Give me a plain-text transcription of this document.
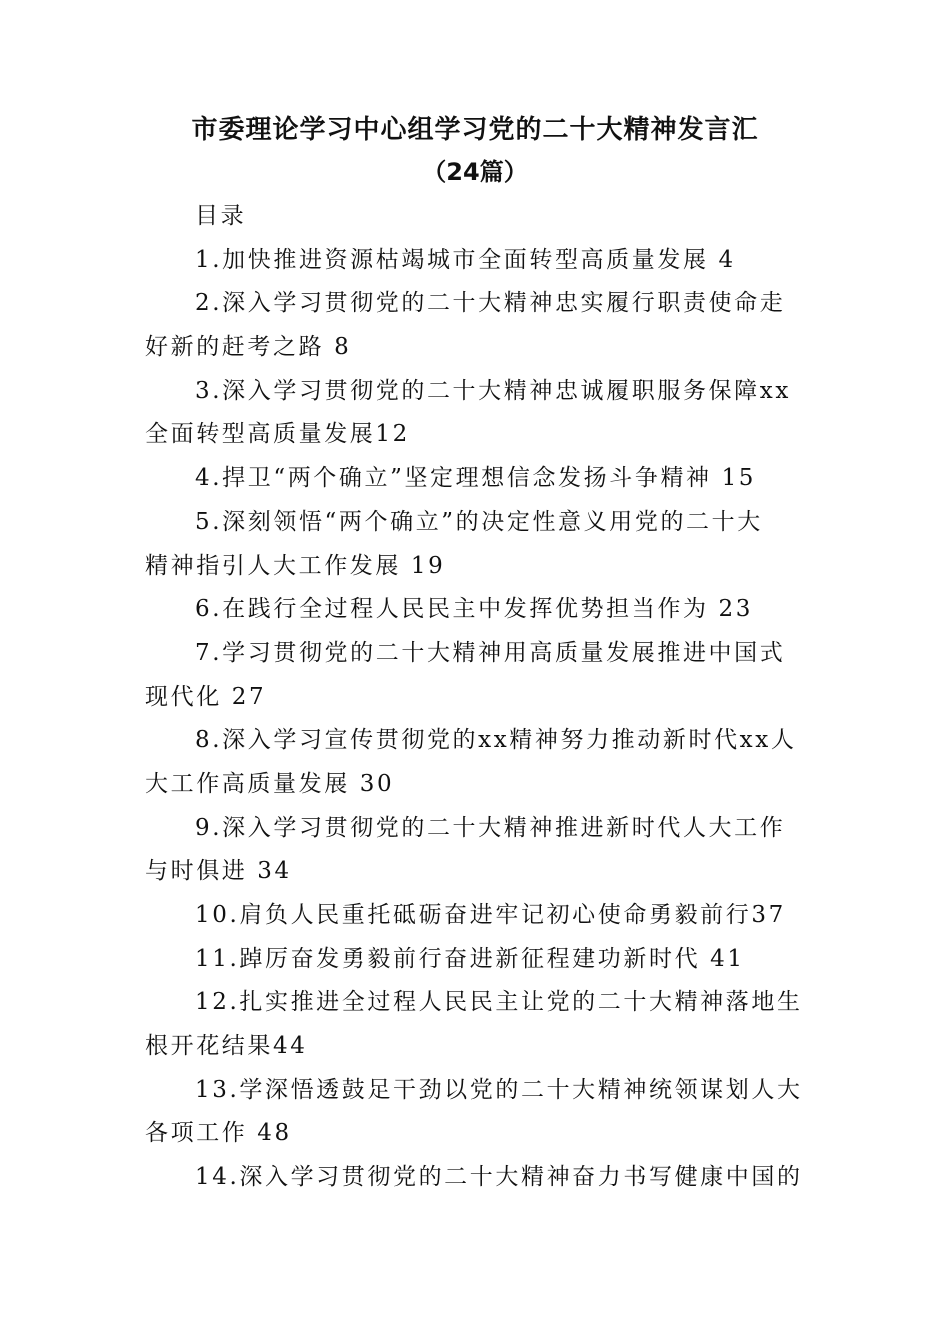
市委理论学习中心组学习党的二十大精神发言汇
（24篇）
目录
1.加快推进资源枯竭城市全面转型高质量发展 4
2.深入学习贯彻党的二十大精神忠实履行职责使命走
好新的赶考之路 8
3.深入学习贯彻党的二十大精神忠诚履职服务保障xx
全面转型高质量发展12
4.捍卫“两个确立”坚定理想信念发扬斗争精神 15
5.深刻领悟“两个确立”的决定性意义用党的二十大
精神指引人大工作发展 19
6.在践行全过程人民民主中发挥优势担当作为 23
7.学习贯彻党的二十大精神用高质量发展推进中国式
现代化 27
8.深入学习宣传贯彻党的xx精神努力推动新时代xx人
大工作高质量发展 30
9.深入学习贯彻党的二十大精神推进新时代人大工作
与时俱进 34
10.肩负人民重托砥砺奋进牢记初心使命勇毅前行37
11.踔厉奋发勇毅前行奋进新征程建功新时代 41
12.扎实推进全过程人民民主让党的二十大精神落地生
根开花结果44
13.学深悟透鼓足干劲以党的二十大精神统领谋划人大
各项工作 48
14.深入学习贯彻党的二十大精神奋力书写健康中国的
